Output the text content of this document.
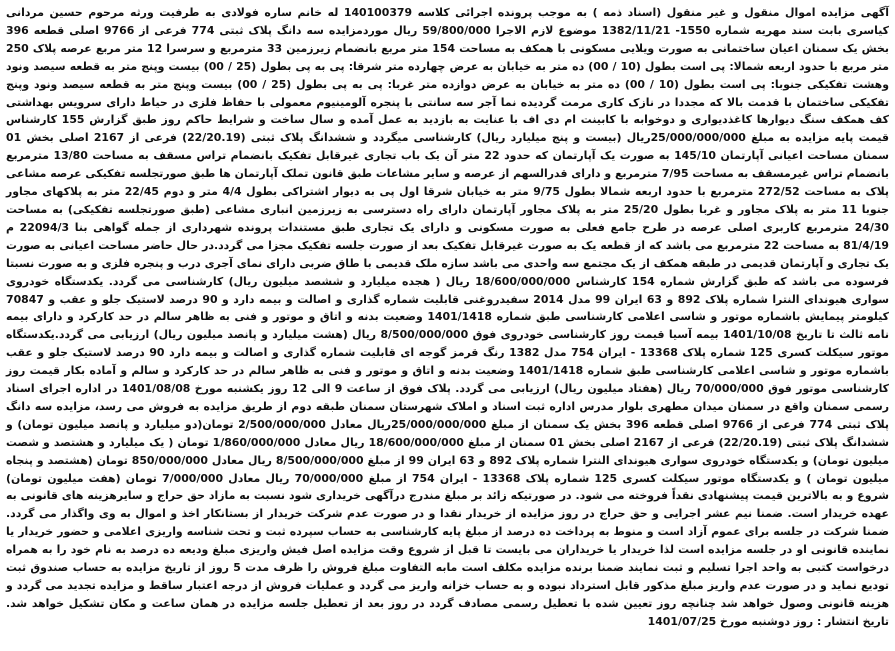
آگهی مزایده اموال منقول و غیر منقول (اسناد ذمه ) به موجب پرونده اجرائی کلاسه 140100379 له خانم ساره فولادی به طرفیت ورثه مرحوم حسین مردانی کیاسری بابت سند مهریه شماره 1550- 1382/11/21 موضوع لازم الاجرا 59/800/000 ریال موردمزایده سه دانگ پلاک ثبتی 774 فرعی از 9766 اصلی قطعه 396 بخش یک سمنان اعیان ساختمانی به صورت ویلایی مسکونی با همکف به مساحت 154 متر مربع بانضمام زیرزمین 33 مترمربع و سرسرا 12 متر مربع عرصه پلاک 250 متر مربع با حدود اربعه شمالا: پی است بطول (10 / 00) ده متر به خیابان به عرض چهارده متر شرقا: پی به پی بطول (25 / 00) بیست وپنج متر به قطعه سیصد ونود وهشت تفکیکی جنوبا: پی است بطول (10 / 00) ده متر به خیابان به عرض دوازده متر غربا: پی به پی بطول (25 / 00) بیست وپنج متر به قطعه سیصد ونود وپنج تفکیکی ساختمان با قدمت بالا که مجددا در نازک کاری مرمت گردیده نما آجر سه سانتی با پنجره آلومینیوم معمولی با حفاظ فلزی در حیاط دارای سرویس بهداشتی کف همکف سنگ دیوارها کاغذدیواری و دوخوابه با کابینت ام دی اف با عنایت به بازدید به عمل آمده و سال ساخت و شرایط حاکم روز طبق گزارش 155 کارشناس قیمت پایه مزایده به مبلغ 25/000/000/000ریال (بیست و پنج میلیارد ریال) کارشناسی میگردد و ششدانگ پلاک ثبتی (22/20.19) فرعی از 2167 اصلی بخش 01 سمنان مساحت اعیانی آپارتمان 145/10 به صورت یک آپارتمان که حدود 22 متر آن یک باب تجاری غیرقابل تفکیک بانضمام تراس مسقف به مساحت 13/80 مترمربع بانضمام تراس غیرمسقف به مساحت 7/95 مترمربع و دارای قدرالسهم از عرصه و سایر مشاعات طبق قانون تملک آپارتمان ها طبق صورتجلسه تفکیکی عرصه مشاعی پلاک به مساحت 272/52 مترمربع با حدود اربعه شمالا بطول 9/75 متر به خیابان شرقا اول پی به دیوار اشتراکی بطول 4/4 متر و دوم 22/45 متر به پلاکهای مجاور جنوبا 11 متر به پلاک مجاور و غربا بطول 25/20 متر به پلاک مجاور آپارتمان دارای راه دسترسی به زیرزمین انباری مشاعی (طبق صورتجلسه تفکیکی) به مساحت 24/30 مترمربع کاربری اصلی عرصه در طرح جامع فعلی به صورت مسکونی و دارای یک تجاری طبق مستندات پرونده شهرداری از جمله گواهی بنا 22094/3 م 81/4/19 به مساحت 22 مترمربع می باشد که از قطعه یک به صورت غیرقابل تفکیک بعد از صورت جلسه تفکیک مجزا می گردد.در حال حاضر مساحت اعیانی به صورت یک تجاری و آپارتمان قدیمی در طبقه همکف از یک مجتمع سه واحدی می باشد سازه ملک قدیمی با طاق ضربی دارای نمای آجری درب و پنجره فلزی و به صورت نسبتا فرسوده می باشد که طبق گزارش شماره 154 کارشناس 18/600/000/000 ریال ( هجده میلیارد و ششصد میلیون ریال) کارشناسی می گردد. یکدستگاه خودروی سواری هیوندای النترا شماره پلاک 892 و 63 ایران 99 مدل 2014 سفیدروغنی قابلیت شماره گذاری و اصالت و بیمه دارد و 90 درصد لاستیک جلو و عقب و 70847 کیلومتر پیمایش باشماره موتور و شاسی اعلامی کارشناسی طبق شماره 1401/1418 وضعیت بدنه و اتاق و موتور و فنی به ظاهر سالم در حد کارکرد و دارای بیمه نامه ثالث تا تاریخ 1401/10/08 بیمه آسیا قیمت روز کارشناسی خودروی فوق 8/500/000/000 ریال (هشت میلیارد و پانصد میلیون ریال) ارزیابی می گردد.یکدستگاه موتور سیکلت کسری 125 شماره پلاک 13368 - ایران 754 مدل 1382 رنگ قرمز گوجه ای قابلیت شماره گذاری و اصالت و بیمه دارد 90 درصد لاستیک جلو و عقب باشماره موتور و شاسی اعلامی کارشناسی طبق شماره 1401/1418 وضعیت بدنه و اتاق و موتور و فنی به ظاهر سالم در حد کارکرد و سالم و آماده بکار قیمت روز کارشناسی موتور فوق 70/000/000 ریال (هفتاد میلیون ریال) ارزیابی می گردد. پلاک فوق از ساعت 9 الی 12 روز یکشنبه مورخ 1401/08/08 در اداره اجرای اسناد رسمی سمنان واقع در سمنان میدان مطهری بلوار مدرس اداره ثبت اسناد و املاک شهرستان سمنان طبقه دوم از طریق مزایده به فروش می رسد، مزایده سه دانگ پلاک ثبتی 774 فرعی از 9766 اصلی قطعه 396 بخش یک سمنان از مبلغ 25/000/000/000ریال معادل 2/500/000/000 تومان(دو میلیارد و پانصد میلیون تومان) و ششدانگ پلاک ثبتی (22/20.19) فرعی از 2167 اصلی بخش 01 سمنان از مبلغ 18/600/000/000 ریال معادل 1/860/000/000 تومان ( یک میلیارد و هشتصد و شصت میلیون تومان) و یکدستگاه خودروی سواری هیوندای النترا شماره پلاک 892 و 63 ایران 99 از مبلغ 8/500/000/000 ریال معادل 850/000/000 تومان (هشتصد و پنجاه میلیون تومان ) و یکدستگاه موتور سیکلت کسری 125 شماره پلاک 13368 - ایران 754 از مبلغ 70/000/000 ریال معادل 7/000/000 تومان (هفت میلیون تومان) شروع و به بالاترین قیمت پیشنهادی نقداً فروخته می شود. در صورتیکه زائد بر مبلغ مندرج درآگهی خریداری شود نسبت به مازاد حق حراج و سایرهزینه های قانونی به عهده خریدار است. ضمنا نیم عشر اجرایی و حق حراج در روز مزایده از خریدار نقدا و در صورت عدم شرکت خریدار از بستانکار اخذ و اموال به وی واگذار می گردد. ضمنا شرکت در جلسه برای عموم آزاد است و منوط به پرداخت ده درصد از مبلغ پایه کارشناسی به حساب سپرده ثبت و تحت شناسه واریزی اعلامی و حضور خریدار یا نماینده قانونی او در جلسه مزایده است لذا خریدار یا خریداران می بایست تا قبل از شروع وقت مزایده اصل فیش واریزی مبلغ ودیعه ده درصد به نام خود را به همراه درخواست کتبی به واحد اجرا تسلیم و ثبت نمایند ضمنا برنده مزایده مکلف است مابه التفاوت مبلغ فروش را ظرف مدت 5 روز از تاریخ مزایده به حساب صندوق ثبت تودیع نماید و در صورت عدم واریز مبلغ مذکور قابل استرداد نبوده و به حساب خزانه واریز می گردد و عملیات فروش از درجه اعتبار ساقط و مزایده تجدید می گردد و هزینه قانونی وصول خواهد شد چنانچه روز تعیین شده با تعطیل رسمی مصادف گردد در روز بعد از تعطیل جلسه مزایده در همان ساعت و مکان تشکیل خواهد شد. تاریخ انتشار : روز دوشنبه مورخ 1401/07/25
